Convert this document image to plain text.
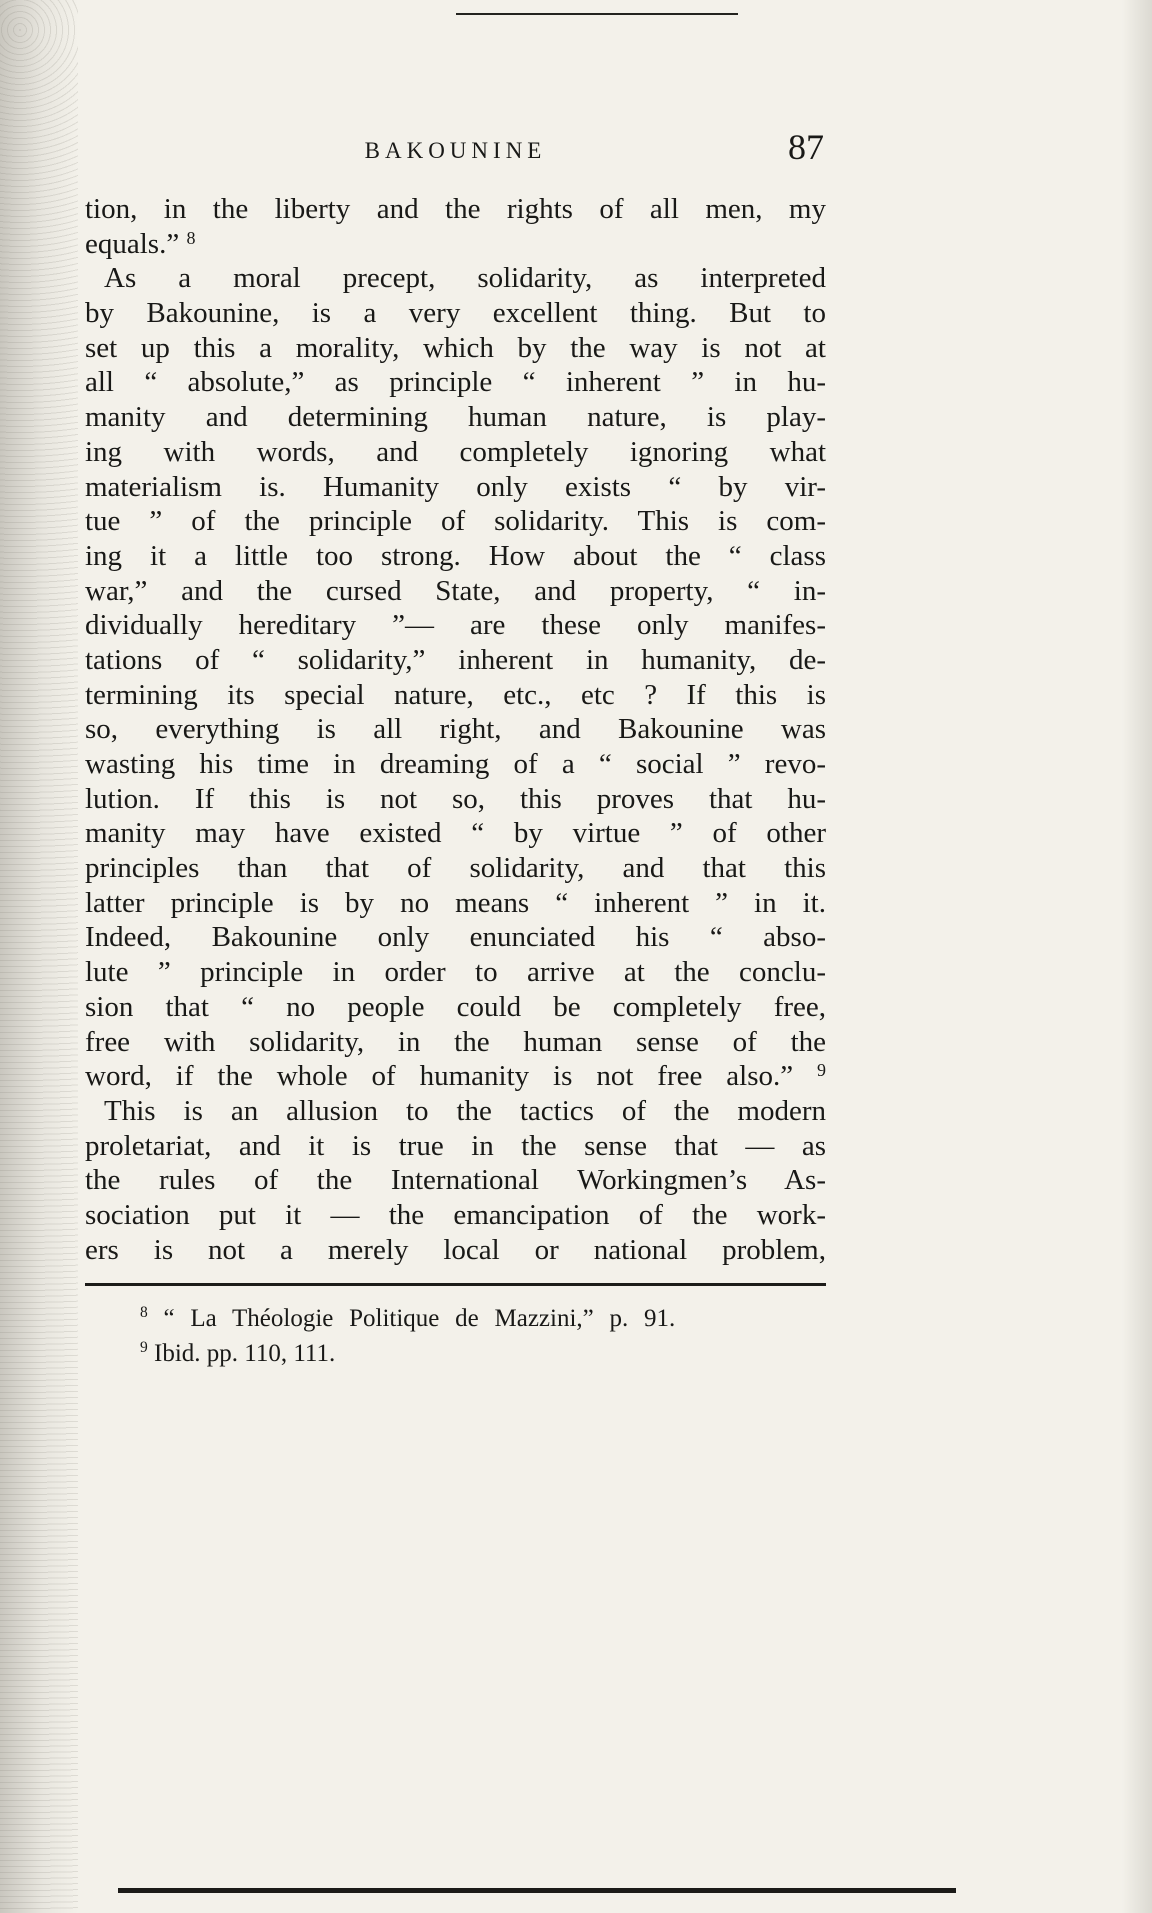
BAKOUNINE	87
tion, in the liberty and the rights of all men, my
equals.” $^8$
As a moral precept, solidarity, as interpreted
by Bakounine, is a very excellent thing. But to
set up this a morality, which by the way is not at
all “ absolute,” as principle “ inherent ” in hu-
manity and determining human nature, is play-
ing with words, and completely ignoring what
materialism is. Humanity only exists “ by vir-
tue ” of the principle of solidarity. This is com-
ing it a little too strong. How about the “ class
war,” and the cursed State, and property, “ in-
dividually hereditary ”— are these only manifes-
tations of “ solidarity,” inherent in humanity, de-
termining its special nature, etc., etc ? If this is
so, everything is all right, and Bakounine was
wasting his time in dreaming of a “ social ” revo-
lution. If this is not so, this proves that hu-
manity may have existed “ by virtue ” of other
principles than that of solidarity, and that this
latter principle is by no means “ inherent ” in it.
Indeed, Bakounine only enunciated his “ abso-
lute ” principle in order to arrive at the conclu-
sion that “ no people could be completely free,
free with solidarity, in the human sense of the
word, if the whole of humanity is not free also.” $^9$
This is an allusion to the tactics of the modern
proletariat, and it is true in the sense that — as
the rules of the International Workingmen’s As-
sociation put it — the emancipation of the work-
ers is not a merely local or national problem,
$^8$ “ La Théologie Politique de Mazzini,” p. 91.
$^9$ Ibid. pp. 110, 111.
